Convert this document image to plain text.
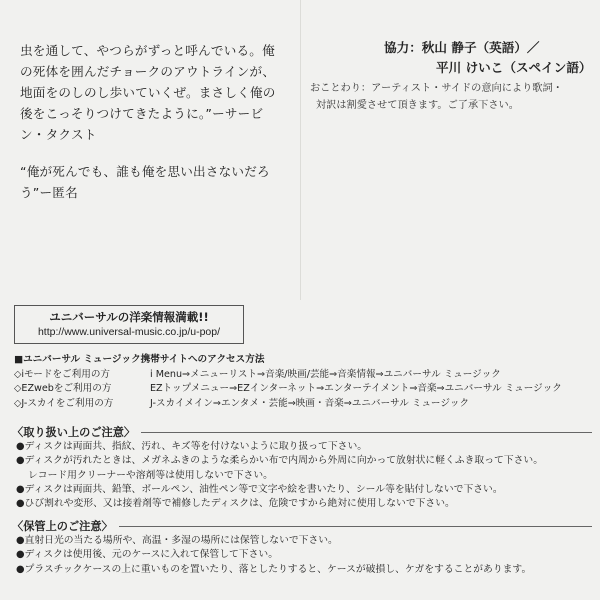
虫を通して、やつらがずっと呼んでいる。俺

の死体を囲んだチョークのアウトラインが、

地面をのしのし歩いていくぜ。まさしく俺の

後をこっそりつけてきたように。”ーサービ

ン・タクスト

“俺が死んでも、誰も俺を思い出さないだろ

う”ー匿名

協力：秋山 静子（英語）／
平川 けいこ（スペイン語）
おことわり：アーティスト・サイドの意向により歌詞・
対訳は割愛させて頂きます。ご了承下さい。
ユニバーサルの洋楽情報満載!!
http://www.universal-music.co.jp/u-pop/
■ユニバーサル ミュージック携帯サイトへのアクセス方法
◇iモードをご利用の方	i Menu⇒メニューリスト⇒音楽/映画/芸能⇒音楽情報⇒ユニバーサル ミュージック
◇EZwebをご利用の方	EZトップメニュー⇒EZインターネット⇒エンターテイメント⇒音楽⇒ユニバーサル ミュージック
◇J-スカイをご利用の方	J-スカイメイン⇒エンタメ・芸能⇒映画・音楽⇒ユニバーサル ミュージック
〈取り扱い上のご注意〉
●ディスクは両面共、指紋、汚れ、キズ等を付けないように取り扱って下さい。
●ディスクが汚れたときは、メガネふきのような柔らかい布で内周から外周に向かって放射状に軽くふき取って下さい。
レコード用クリーナーや溶剤等は使用しないで下さい。
●ディスクは両面共、鉛筆、ボールペン、油性ペン等で文字や絵を書いたり、シール等を貼付しないで下さい。
●ひび割れや変形、又は接着剤等で補修したディスクは、危険ですから絶対に使用しないで下さい。
〈保管上のご注意〉
●直射日光の当たる場所や、高温・多湿の場所には保管しないで下さい。
●ディスクは使用後、元のケースに入れて保管して下さい。
●プラスチックケースの上に重いものを置いたり、落としたりすると、ケースが破損し、ケガをすることがあります。
